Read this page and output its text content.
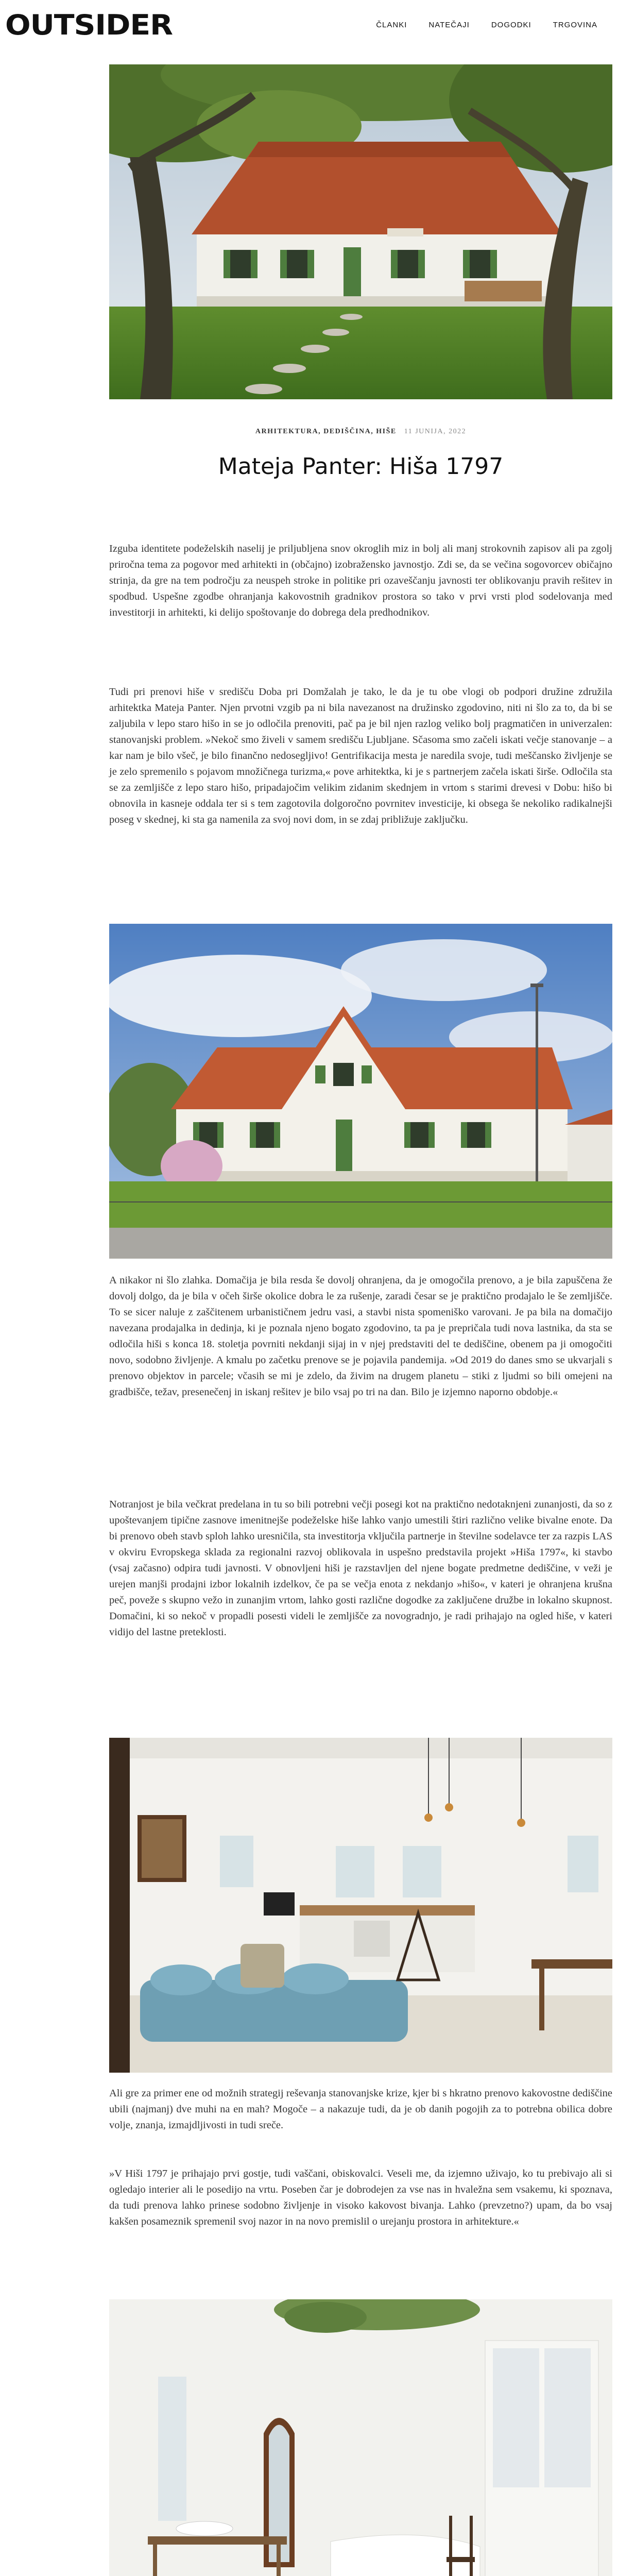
OUTSIDER	ČLANKI	NATEČAJI	DOGODKI	TRGOVINA
ARHITEKTURA, DEDIŠČINA, HIŠE 11 JUNIJA, 2022
Mateja Panter: Hiša 1797

Izguba identitete podeželskih naselij je priljubljena snov okroglih miz in bolj ali manj strokovnih zapisov ali pa zgolj priročna tema za pogovor med arhitekti in (občajno) izobražensko javnostjo. Zdi se, da se večina sogovorcev običajno strinja, da gre na tem področju za neuspeh stroke in politike pri ozaveščanju javnosti ter oblikovanju pravih rešitev in spodbud. Uspešne zgodbe ohranjanja kakovostnih gradnikov prostora so tako v prvi vrsti plod sodelovanja med investitorji in arhitekti, ki delijo spoštovanje do dobrega dela predhodnikov.

Tudi pri prenovi hiše v središču Doba pri Domžalah je tako, le da je tu obe vlogi ob podpori družine združila arhitektka Mateja Panter. Njen prvotni vzgib pa ni bila navezanost na družinsko zgodovino, niti ni šlo za to, da bi se zaljubila v lepo staro hišo in se jo odločila prenoviti, pač pa je bil njen razlog veliko bolj pragmatičen in univerzalen: stanovanjski problem. »Nekoč smo živeli v samem središču Ljubljane. Sčasoma smo začeli iskati večje stanovanje – a kar nam je bilo všeč, je bilo finančno nedosegljivo! Gentrifikacija mesta je naredila svoje, tudi meščansko življenje se je zelo spremenilo s pojavom množičnega turizma,« pove arhitektka, ki je s partnerjem začela iskati širše. Odločila sta se za zemljišče z lepo staro hišo, pripadajočim velikim zidanim skednjem in vrtom s starimi drevesi v Dobu: hišo bi obnovila in kasneje oddala ter si s tem zagotovila dolgoročno povrnitev investicije, ki obsega še nekoliko radikalnejši poseg v skednej, ki sta ga namenila za svoj novi dom, in se zdaj približuje zaključku.

A nikakor ni šlo zlahka. Domačija je bila resda še dovolj ohranjena, da je omogočila prenovo, a je bila zapuščena že dovolj dolgo, da je bila v očeh širše okolice dobra le za rušenje, zaradi česar se je praktično prodajalo le še zemljišče. To se sicer naluje z zaščitenem urbanističnem jedru vasi, a stavbi nista spomeniško varovani. Je pa bila na domačijo navezana prodajalka in dedinja, ki je poznala njeno bogato zgodovino, ta pa je prepričala tudi nova lastnika, da sta se odločila hiši s konca 18. stoletja povrniti nekdanji sijaj in v njej predstaviti del te dediščine, obenem pa ji omogočiti novo, sodobno življenje. A kmalu po začetku prenove se je pojavila pandemija. »Od 2019 do danes smo se ukvarjali s prenovo objektov in parcele; včasih se mi je zdelo, da živim na drugem planetu – stiki z ljudmi so bili omejeni na gradbišče, težav, presenečenj in iskanj rešitev je bilo vsaj po tri na dan. Bilo je izjemno naporno obdobje.«

Notranjost je bila večkrat predelana in tu so bili potrebni večji posegi kot na praktično nedotaknjeni zunanjosti, da so z upoštevanjem tipične zasnove imenitnejše podeželske hiše lahko vanjo umestili štiri različno velike bivalne enote. Da bi prenovo obeh stavb sploh lahko uresničila, sta investitorja vključila partnerje in številne sodelavce ter za razpis LAS v okviru Evropskega sklada za regionalni razvoj oblikovala in uspešno predstavila projekt »Hiša 1797«, ki stavbo (vsaj začasno) odpira tudi javnosti. V obnovljeni hiši je razstavljen del njene bogate predmetne dediščine, v veži je urejen manjši prodajni izbor lokalnih izdelkov, če pa se večja enota z nekdanjo »hišo«, v kateri je ohranjena krušna peč, poveže s skupno vežo in zunanjim vrtom, lahko gosti različne dogodke za zaključene družbe in lokalno skupnost. Domačini, ki so nekoč v propadli posesti videli le zemljišče za novogradnjo, je radi prihajajo na ogled hiše, v kateri vidijo del lastne preteklosti.

Ali gre za primer ene od možnih strategij reševanja stanovanjske krize, kjer bi s hkratno prenovo kakovostne dediščine ubili (najmanj) dve muhi na en mah? Mogoče – a nakazuje tudi, da je ob danih pogojih za to potrebna obilica dobre volje, znanja, izmajdljivosti in tudi sreče.

»V Hiši 1797 je prihajajo prvi gostje, tudi vaščani, obiskovalci. Veseli me, da izjemno uživajo, ko tu prebivajo ali si ogledajo interier ali le posedijo na vrtu. Poseben čar je dobrodejen za vse nas in hvaležna sem vsakemu, ki spoznava, da tudi prenova lahko prinese sodobno življenje in visoko kakovost bivanja. Lahko (prevzetno?) upam, da bo vsaj kakšen posameznik spremenil svoj nazor in na novo premislil o urejanju prostora in arhitekture.«
